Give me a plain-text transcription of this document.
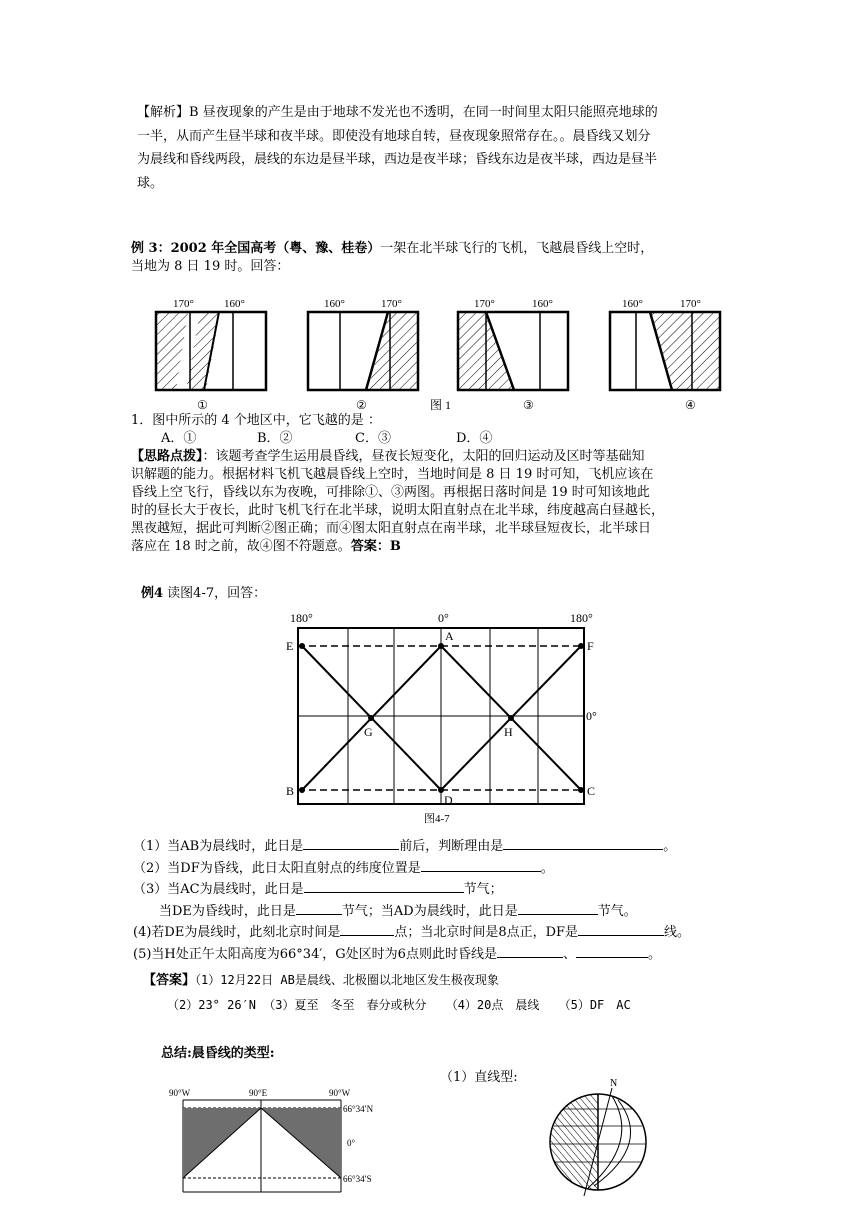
【解析】B 昼夜现象的产生是由于地球不发光也不透明，在同一时间里太阳只能照亮地球的
一半，从而产生昼半球和夜半球。即使没有地球自转，昼夜现象照常存在。。晨昏线又划分
为晨线和昏线两段，晨线的东边是昼半球，西边是夜半球；昏线东边是夜半球，西边是昼半
球。
例 3：2002 年全国高考（粤、豫、桂卷）一架在北半球飞行的飞机，飞越晨昏线上空时，
当地为 8 日 19 时。回答：
170°	160°
①
160°	170°
②
170°	160°
③
160°	170°
④
图 1
1．图中所示的 4 个地区中，它飞越的是 ：
A．①	B．②	C．③	D．④
【思路点拨】：该题考查学生运用晨昏线，昼夜长短变化，太阳的回归运动及区时等基础知
识解题的能力。根据材料飞机飞越晨昏线上空时，当地时间是 8 日 19 时可知，飞机应该在
昏线上空飞行，昏线以东为夜晚，可排除①、③两图。再根据日落时间是 19 时可知该地此
时的昼长大于夜长，此时飞机飞行在北半球，说明太阳直射点在北半球，纬度越高白昼越长，
黑夜越短，据此可判断②图正确；而④图太阳直射点在南半球，北半球昼短夜长，北半球日
落应在 18 时之前，故④图不符题意。答案：B
例4 读图4-7，回答：
180°	0°	180°
E
A
F
G	H
B
D
C
0°
图4-7
（1）当AB为晨线时，此日是	前后，判断理由是	。
（2）当DF为昏线，此日太阳直射点的纬度位置是	。
（3）当AC为晨线时，此日是	节气；
当DE为昏线时，此日是	节气；当AD为晨线时，此日是	节气。
(4)若DE为晨线时，此刻北京时间是	点；当北京时间是8点正，DF是	线。
(5)当H处正午太阳高度为66°34′，G处区时为6点则此时昏线是	、	。
【答案】（1）12月22日 AB是晨线、北极圈以北地区发生极夜现象
（2）23° 26′N （3）夏至　冬至　春分或秋分　 （4）20点　晨线　 （5）DF　AC
总结:晨昏线的类型:
（1）直线型:
90°W	90°E	90°W
66°34′N
0°
66°34′S
N
